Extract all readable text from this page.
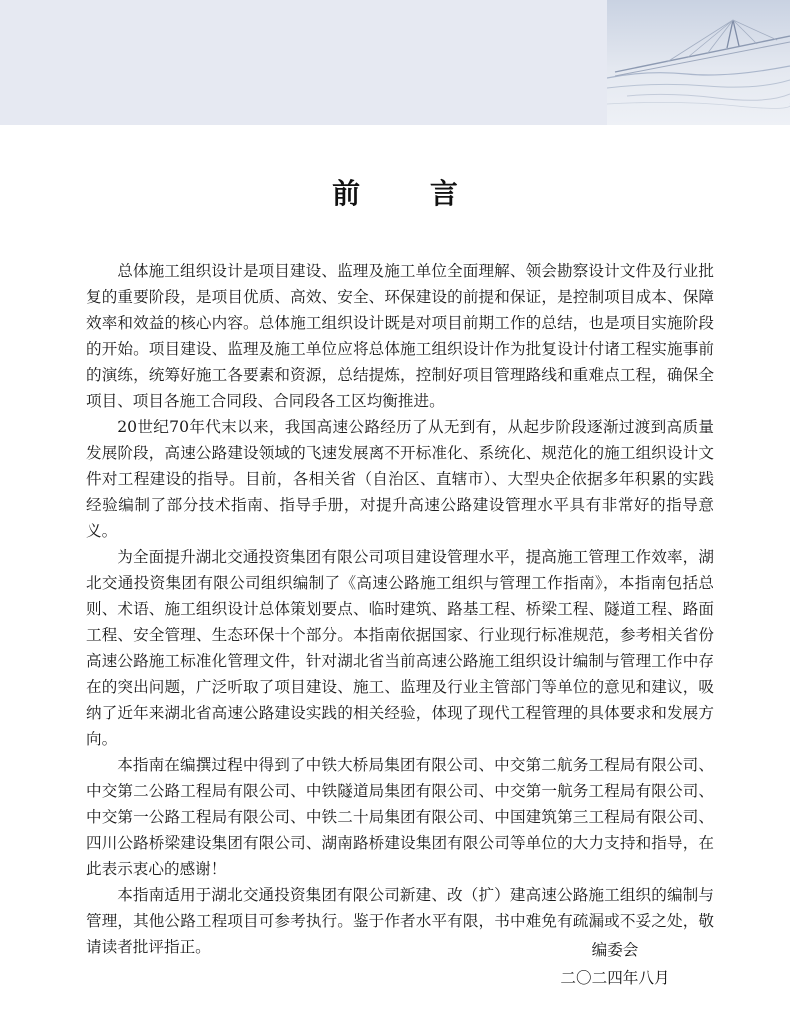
前 言

总体施工组织设计是项目建设、监理及施工单位全面理解、领会勘察设计文件及行业批复的重要阶段，是项目优质、高效、安全、环保建设的前提和保证，是控制项目成本、保障效率和效益的核心内容。总体施工组织设计既是对项目前期工作的总结，也是项目实施阶段的开始。项目建设、监理及施工单位应将总体施工组织设计作为批复设计付诸工程实施事前的演练，统筹好施工各要素和资源，总结提炼，控制好项目管理路线和重难点工程，确保全项目、项目各施工合同段、合同段各工区均衡推进。

20世纪70年代末以来，我国高速公路经历了从无到有，从起步阶段逐渐过渡到高质量发展阶段，高速公路建设领域的飞速发展离不开标准化、系统化、规范化的施工组织设计文件对工程建设的指导。目前，各相关省（自治区、直辖市）、大型央企依据多年积累的实践经验编制了部分技术指南、指导手册，对提升高速公路建设管理水平具有非常好的指导意义。

为全面提升湖北交通投资集团有限公司项目建设管理水平，提高施工管理工作效率，湖北交通投资集团有限公司组织编制了《高速公路施工组织与管理工作指南》，本指南包括总则、术语、施工组织设计总体策划要点、临时建筑、路基工程、桥梁工程、隧道工程、路面工程、安全管理、生态环保十个部分。本指南依据国家、行业现行标准规范，参考相关省份高速公路施工标准化管理文件，针对湖北省当前高速公路施工组织设计编制与管理工作中存在的突出问题，广泛听取了项目建设、施工、监理及行业主管部门等单位的意见和建议，吸纳了近年来湖北省高速公路建设实践的相关经验，体现了现代工程管理的具体要求和发展方向。

本指南在编撰过程中得到了中铁大桥局集团有限公司、中交第二航务工程局有限公司、中交第二公路工程局有限公司、中铁隧道局集团有限公司、中交第一航务工程局有限公司、中交第一公路工程局有限公司、中铁二十局集团有限公司、中国建筑第三工程局有限公司、四川公路桥梁建设集团有限公司、湖南路桥建设集团有限公司等单位的大力支持和指导，在此表示衷心的感谢！

本指南适用于湖北交通投资集团有限公司新建、改（扩）建高速公路施工组织的编制与管理，其他公路工程项目可参考执行。鉴于作者水平有限，书中难免有疏漏或不妥之处，敬请读者批评指正。	编委会
二〇二四年八月
